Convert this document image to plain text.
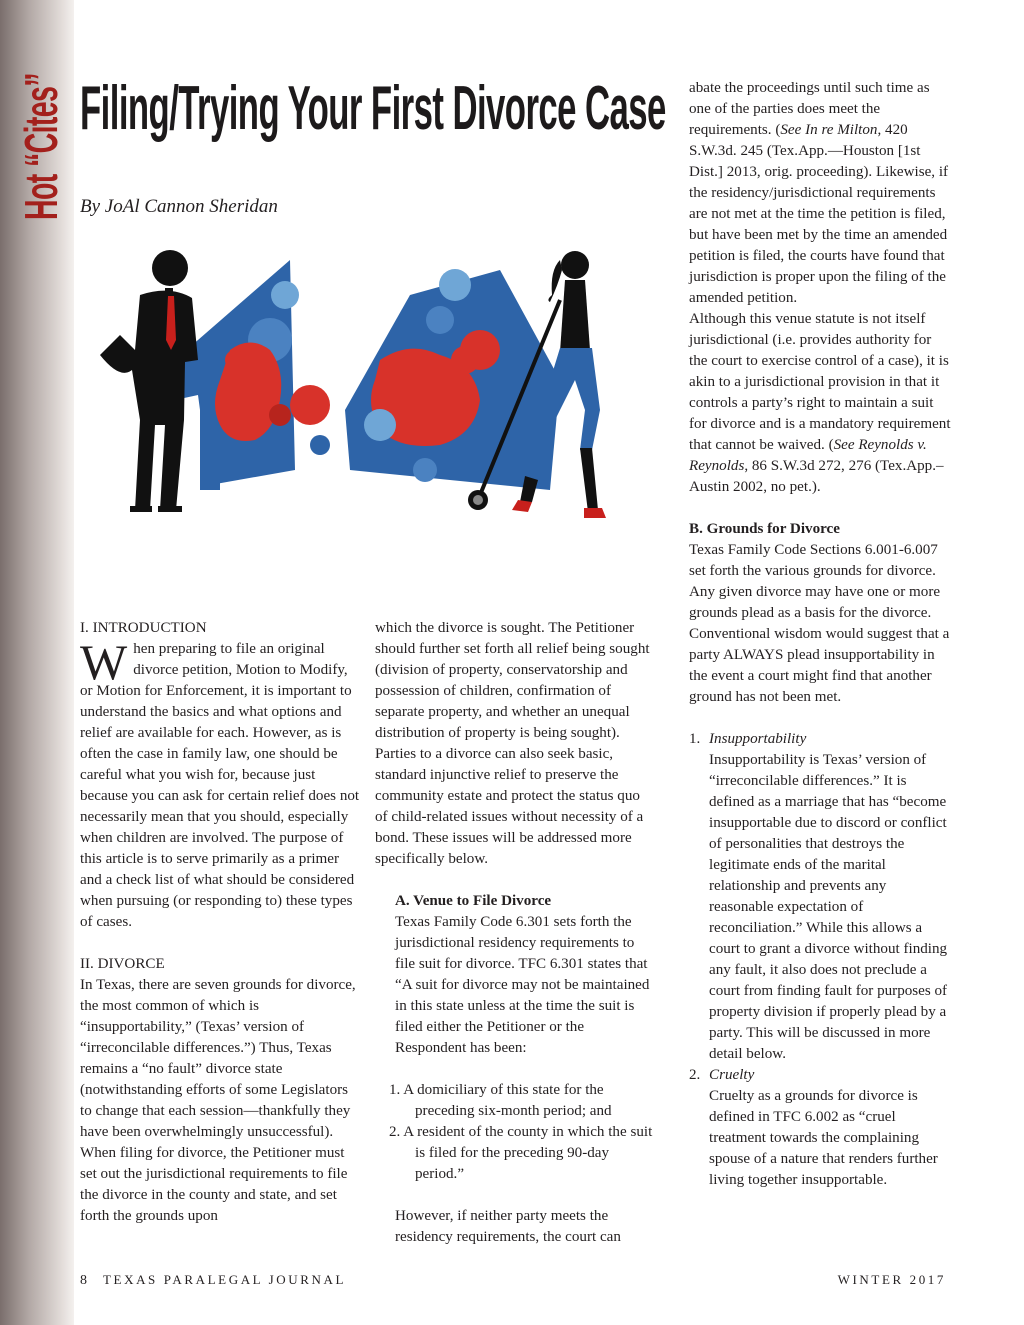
Hot “Cites” Filing/Trying Your First Divorce Case
By JoAl Cannon Sheridan
I. INTRODUCTION

When preparing to file an original divorce petition, Motion to Modify, or Motion for Enforcement, it is important to understand the basics and what options and relief are available for each. However, as is often the case in family law, one should be careful what you wish for, because just because you can ask for certain relief does not necessarily mean that you should, especially when children are involved. The purpose of this article is to serve primarily as a primer and a check list of what should be considered when pursuing (or responding to) these types of cases.

II. DIVORCE

In Texas, there are seven grounds for divorce, the most common of which is “insupportability,” (Texas’ version of “irreconcilable differences.”) Thus, Texas remains a “no fault” divorce state (notwithstanding efforts of some Legislators to change that each session—thankfully they have been overwhelmingly unsuccessful). When filing for divorce, the Petitioner must set out the jurisdictional requirements to file the divorce in the county and state, and set forth the grounds upon

which the divorce is sought. The Petitioner should further set forth all relief being sought (division of property, conservatorship and possession of children, confirmation of separate property, and whether an unequal distribution of property is being sought). Parties to a divorce can also seek basic, standard injunctive relief to preserve the community estate and protect the status quo of child-related issues without necessity of a bond. These issues will be addressed more specifically below.

A. Venue to File Divorce

Texas Family Code 6.301 sets forth the jurisdictional residency requirements to file suit for divorce. TFC 6.301 states that “A suit for divorce may not be maintained in this state unless at the time the suit is filed either the Petitioner or the Respondent has been:

1. A domiciliary of this state for the preceding six-month period; and
2. A resident of the county in which the suit is filed for the preceding 90-day period.”

However, if neither party meets the residency requirements, the court can

abate the proceedings until such time as one of the parties does meet the requirements. (See In re Milton, 420 S.W.3d. 245 (Tex.App.—Houston [1st Dist.] 2013, orig. proceeding). Likewise, if the residency/jurisdictional requirements are not met at the time the petition is filed, but have been met by the time an amended petition is filed, the courts have found that jurisdiction is proper upon the filing of the amended petition.

Although this venue statute is not itself jurisdictional (i.e. provides authority for the court to exercise control of a case), it is akin to a jurisdictional provision in that it controls a party’s right to maintain a suit for divorce and is a mandatory requirement that cannot be waived. (See Reynolds v. Reynolds, 86 S.W.3d 272, 276 (Tex.App.–Austin 2002, no pet.).

B. Grounds for Divorce

Texas Family Code Sections 6.001-6.007 set forth the various grounds for divorce. Any given divorce may have one or more grounds plead as a basis for the divorce. Conventional wisdom would suggest that a party ALWAYS plead insupportability in the event a court might find that another ground has not been met.

1. Insupportability
Insupportability is Texas’ version of “irreconcilable differences.” It is defined as a marriage that has “become insupportable due to discord or conflict of personalities that destroys the legitimate ends of the marital relationship and prevents any reasonable expectation of reconciliation.” While this allows a court to grant a divorce without finding any fault, it also does not preclude a court from finding fault for purposes of property division if properly plead by a party. This will be discussed in more detail below.
2. Cruelty
Cruelty as a grounds for divorce is defined in TFC 6.002 as “cruel treatment towards the complaining spouse of a nature that renders further living together insupportable.
8 TEXAS PARALEGAL JOURNAL	WINTER 2017
